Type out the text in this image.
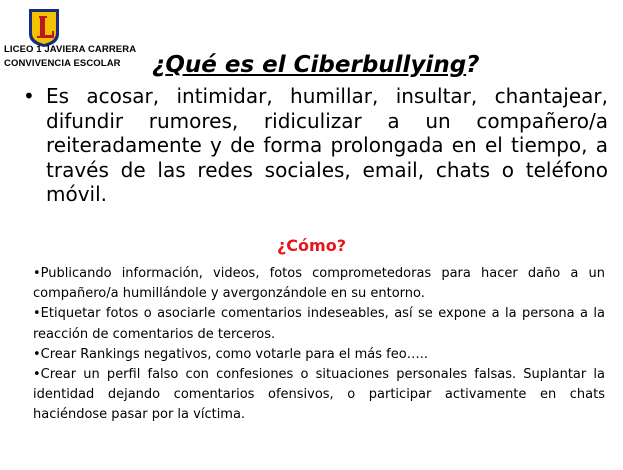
LICEO 1 JAVIERA CARRERA
CONVIVENCIA ESCOLAR	¿Qué es el Ciberbullying?
• Es acosar, intimidar, humillar, insultar, chantajear, difundir rumores, ridiculizar a un compañero/a reiteradamente y de forma prolongada en el tiempo, a través de las redes sociales, email, chats o teléfono móvil.
¿Cómo?
•Publicando información, videos, fotos comprometedoras para hacer daño a un compañero/a humillándole y avergonzándole en su entorno.
•Etiquetar fotos o asociarle comentarios indeseables, así se expone a la persona a la reacción de comentarios de terceros.
•Crear Rankings negativos, como votarle para el más feo…..
•Crear un perfil falso con confesiones o situaciones personales falsas. Suplantar la identidad dejando comentarios ofensivos, o participar activamente en chats haciéndose pasar por la víctima.
